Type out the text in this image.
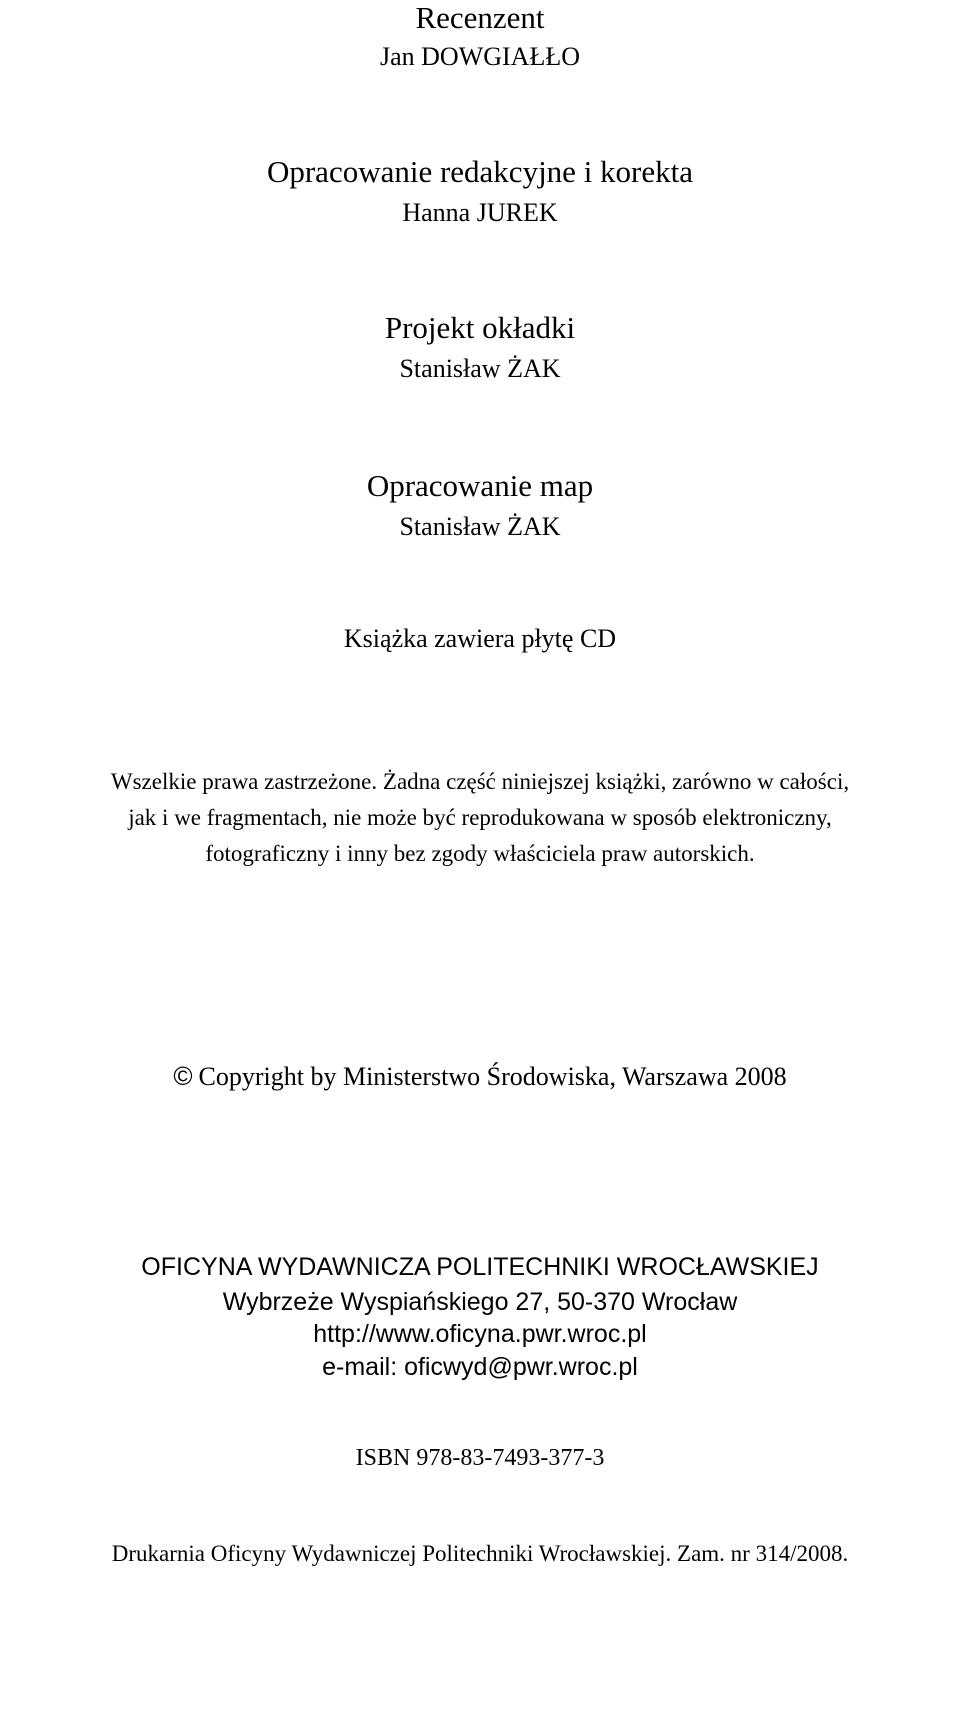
Recenzent
Jan DOWGIAŁŁO
Opracowanie redakcyjne i korekta
Hanna JUREK
Projekt okładki
Stanisław ŻAK
Opracowanie map
Stanisław ŻAK
Książka zawiera płytę CD
Wszelkie prawa zastrzeżone. Żadna część niniejszej książki, zarówno w całości,
jak i we fragmentach, nie może być reprodukowana w sposób elektroniczny,
fotograficzny i inny bez zgody właściciela praw autorskich.
© Copyright by Ministerstwo Środowiska, Warszawa 2008
OFICYNA WYDAWNICZA POLITECHNIKI WROCŁAWSKIEJ
Wybrzeże Wyspiańskiego 27, 50-370 Wrocław
http://www.oficyna.pwr.wroc.pl
e-mail: oficwyd@pwr.wroc.pl
ISBN 978-83-7493-377-3
Drukarnia Oficyny Wydawniczej Politechniki Wrocławskiej. Zam. nr 314/2008.
